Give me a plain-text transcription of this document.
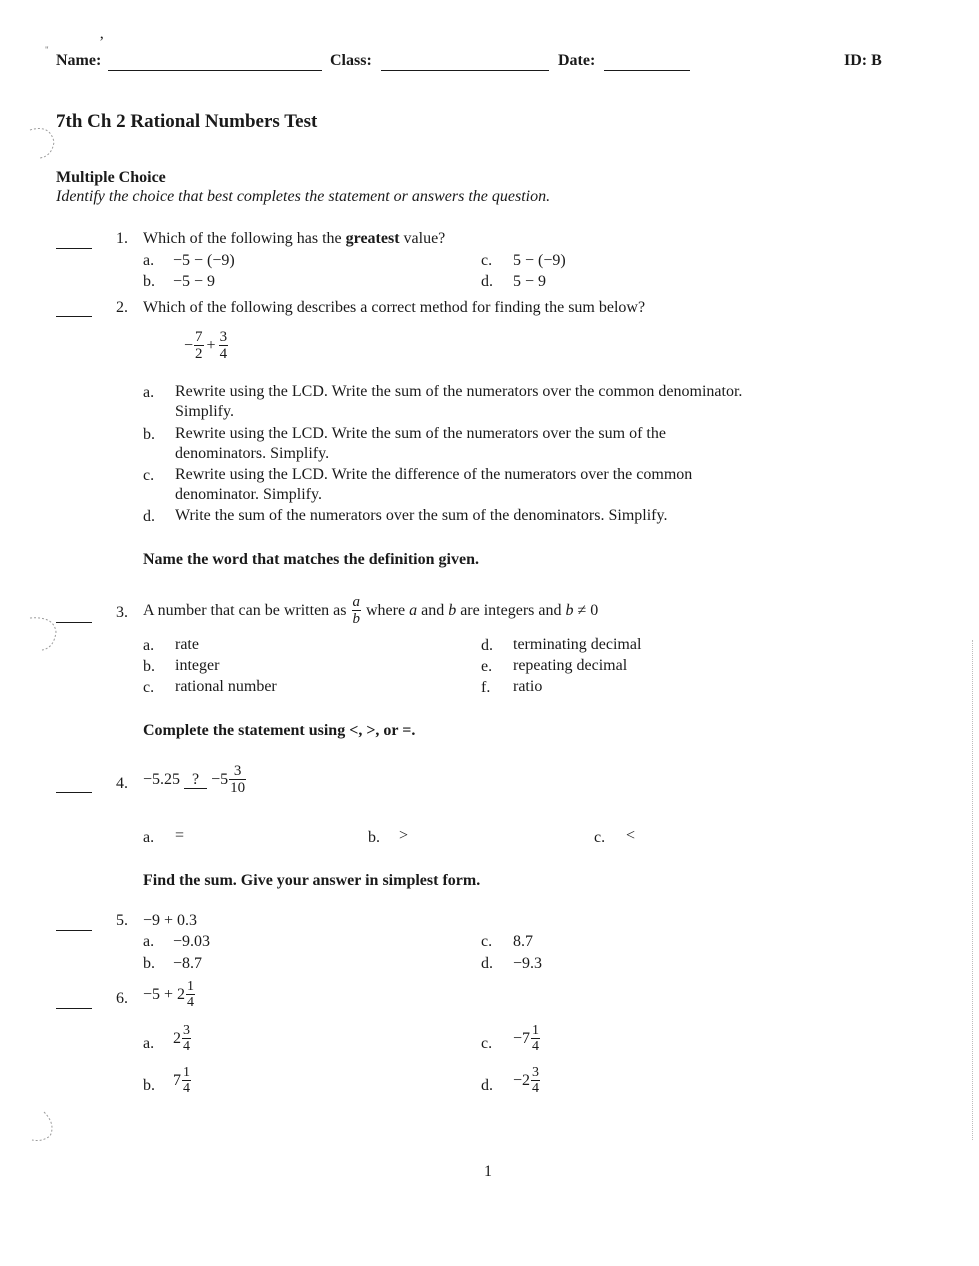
"	’
Name:	Class:	Date:	ID: B
7th Ch 2 Rational Numbers Test
Multiple Choice
Identify the choice that best completes the statement or answers the question.
1. Which of the following has the greatest value?
a. −5 − (−9)
b. −5 − 9
c. 5 − (−9)
d. 5 − 9
2. Which of the following describes a correct method for finding the sum below?
− $\frac{7}{2} + \frac{3}{4}$
a. Rewrite using the LCD. Write the sum of the numerators over the common denominator.
Simplify.
b. Rewrite using the LCD. Write the sum of the numerators over the sum of the
denominators. Simplify.
c. Rewrite using the LCD. Write the difference of the numerators over the common
denominator. Simplify.
d. Write the sum of the numerators over the sum of the denominators. Simplify.
Name the word that matches the definition given.
3. A number that can be written as $\frac{a}{b}$ where a and b are integers and b ≠ 0
a. rate
b. integer
c. rational number
d. terminating decimal
e. repeating decimal
f. ratio
Complete the statement using <, >, or =.
4. −5.25 ? $-5 \frac{3}{10}$
a. =	b. >	c. <
Find the sum. Give your answer in simplest form.
5. −9 + 0.3
a. −9.03
b. −8.7
c. 8.7
d. −9.3
6. $-5 + 2 \frac{1}{4}$
a. $2 \frac{3}{4}$
b. $7 \frac{1}{4}$
c. $-7 \frac{1}{4}$
d. $-2 \frac{3}{4}$
1
